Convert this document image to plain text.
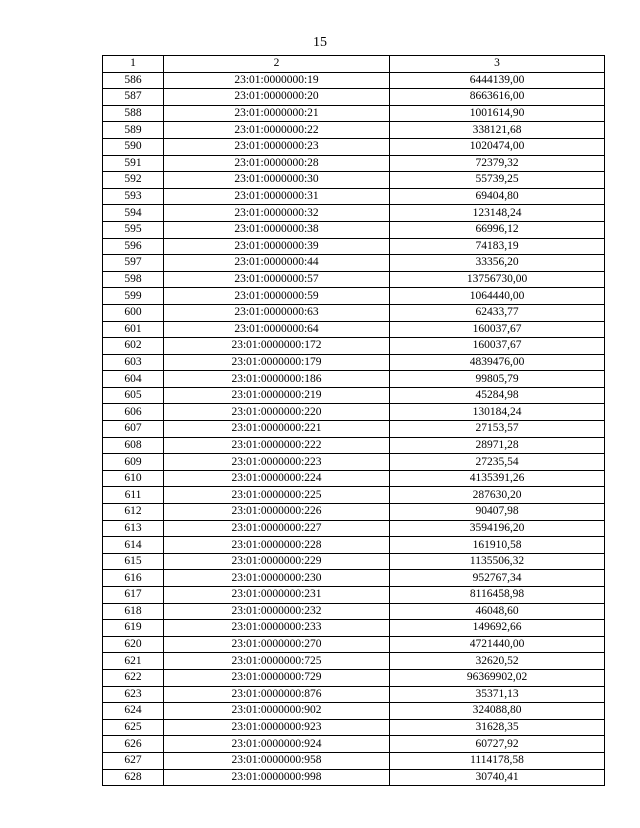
15
1	2	3
586	23:01:0000000:19	6444139,00
587	23:01:0000000:20	8663616,00
588	23:01:0000000:21	1001614,90
589	23:01:0000000:22	338121,68
590	23:01:0000000:23	1020474,00
591	23:01:0000000:28	72379,32
592	23:01:0000000:30	55739,25
593	23:01:0000000:31	69404,80
594	23:01:0000000:32	123148,24
595	23:01:0000000:38	66996,12
596	23:01:0000000:39	74183,19
597	23:01:0000000:44	33356,20
598	23:01:0000000:57	13756730,00
599	23:01:0000000:59	1064440,00
600	23:01:0000000:63	62433,77
601	23:01:0000000:64	160037,67
602	23:01:0000000:172	160037,67
603	23:01:0000000:179	4839476,00
604	23:01:0000000:186	99805,79
605	23:01:0000000:219	45284,98
606	23:01:0000000:220	130184,24
607	23:01:0000000:221	27153,57
608	23:01:0000000:222	28971,28
609	23:01:0000000:223	27235,54
610	23:01:0000000:224	4135391,26
611	23:01:0000000:225	287630,20
612	23:01:0000000:226	90407,98
613	23:01:0000000:227	3594196,20
614	23:01:0000000:228	161910,58
615	23:01:0000000:229	1135506,32
616	23:01:0000000:230	952767,34
617	23:01:0000000:231	8116458,98
618	23:01:0000000:232	46048,60
619	23:01:0000000:233	149692,66
620	23:01:0000000:270	4721440,00
621	23:01:0000000:725	32620,52
622	23:01:0000000:729	96369902,02
623	23:01:0000000:876	35371,13
624	23:01:0000000:902	324088,80
625	23:01:0000000:923	31628,35
626	23:01:0000000:924	60727,92
627	23:01:0000000:958	1114178,58
628	23:01:0000000:998	30740,41
